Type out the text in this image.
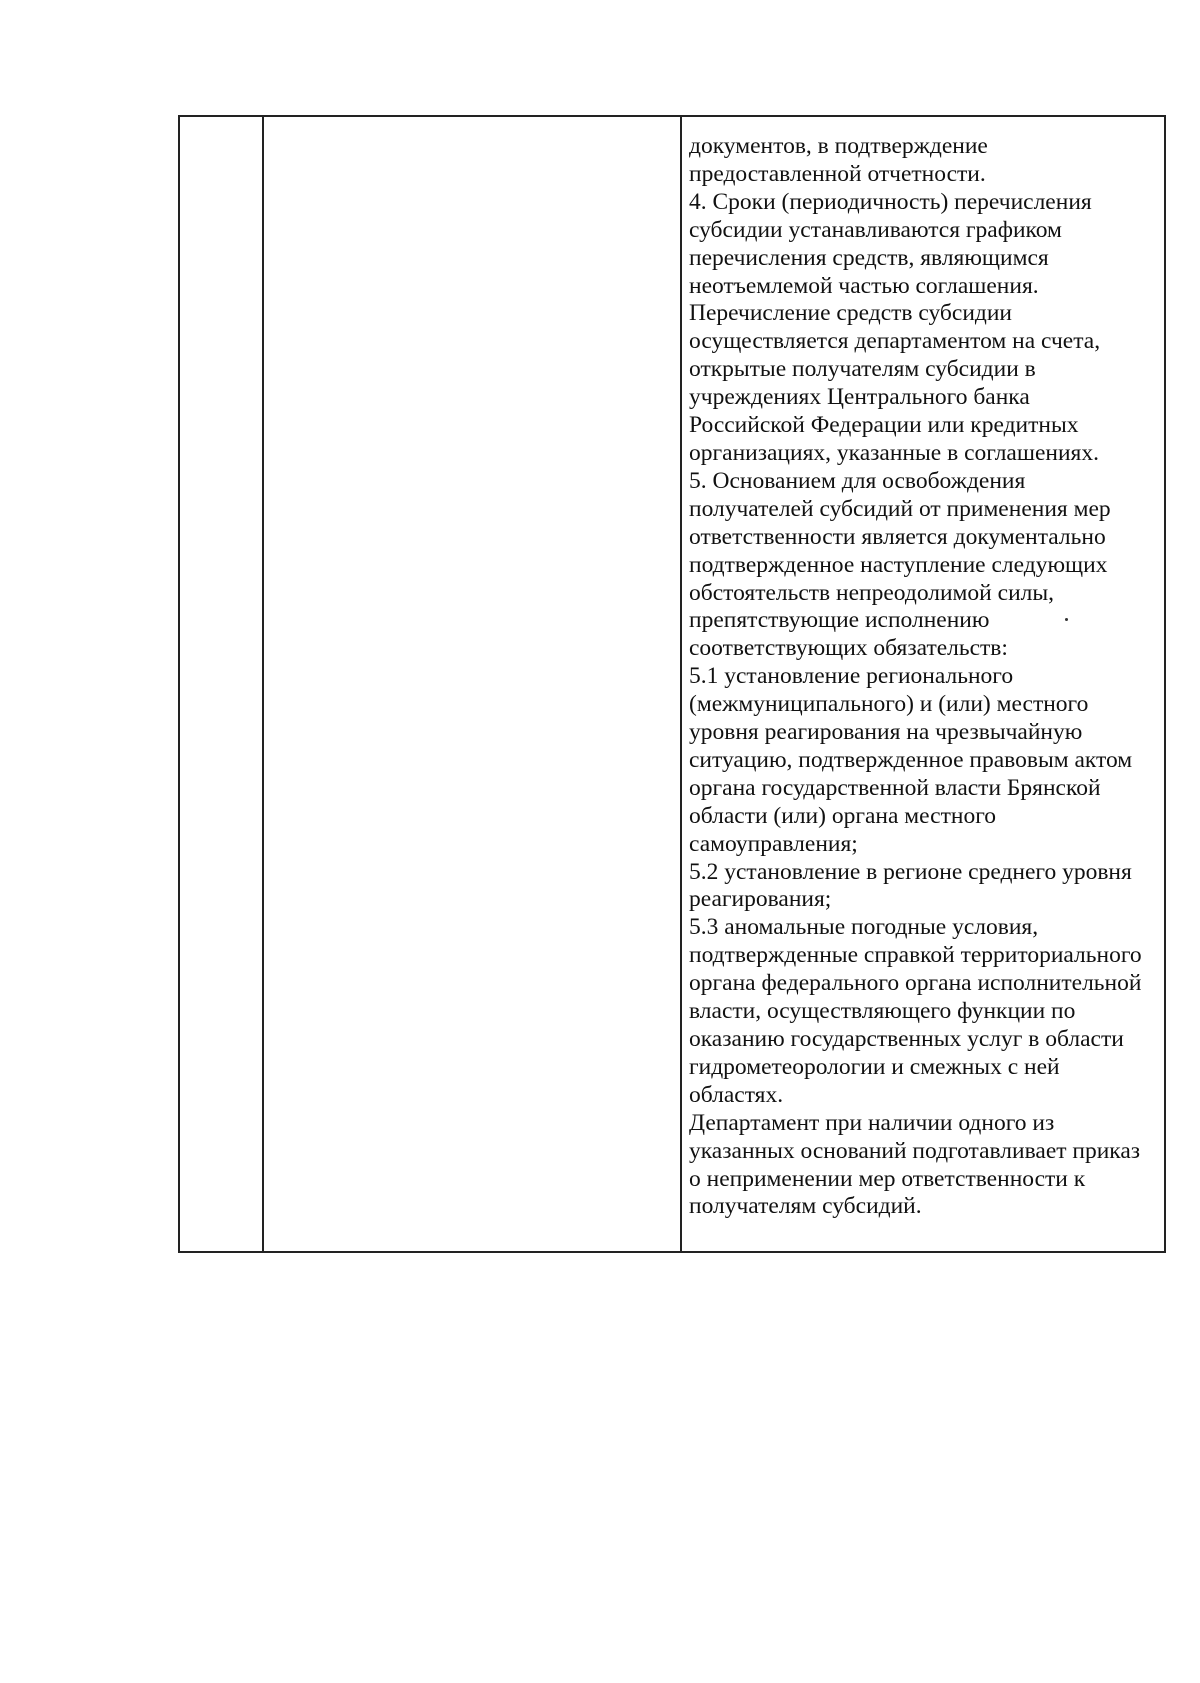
документов, в подтверждение
предоставленной отчетности.
4. Сроки (периодичность) перечисления
субсидии устанавливаются графиком
перечисления средств, являющимся
неотъемлемой частью соглашения.
Перечисление средств субсидии
осуществляется департаментом на счета,
открытые получателям субсидии в
учреждениях Центрального банка
Российской Федерации или кредитных
организациях, указанные в соглашениях.
5. Основанием для освобождения
получателей субсидий от применения мер
ответственности является документально
подтвержденное наступление следующих
обстоятельств непреодолимой силы,
препятствующие исполнению
соответствующих обязательств:
5.1 установление регионального
(межмуниципального) и (или) местного
уровня реагирования на чрезвычайную
ситуацию, подтвержденное правовым актом
органа государственной власти Брянской
области (или) органа местного
самоуправления;
5.2 установление в регионе среднего уровня
реагирования;
5.3 аномальные погодные условия,
подтвержденные справкой территориального
органа федерального органа исполнительной
власти, осуществляющего функции по
оказанию государственных услуг в области
гидрометеорологии и смежных с ней
областях.
Департамент при наличии одного из
указанных оснований подготавливает приказ
о неприменении мер ответственности к
получателям субсидий.
